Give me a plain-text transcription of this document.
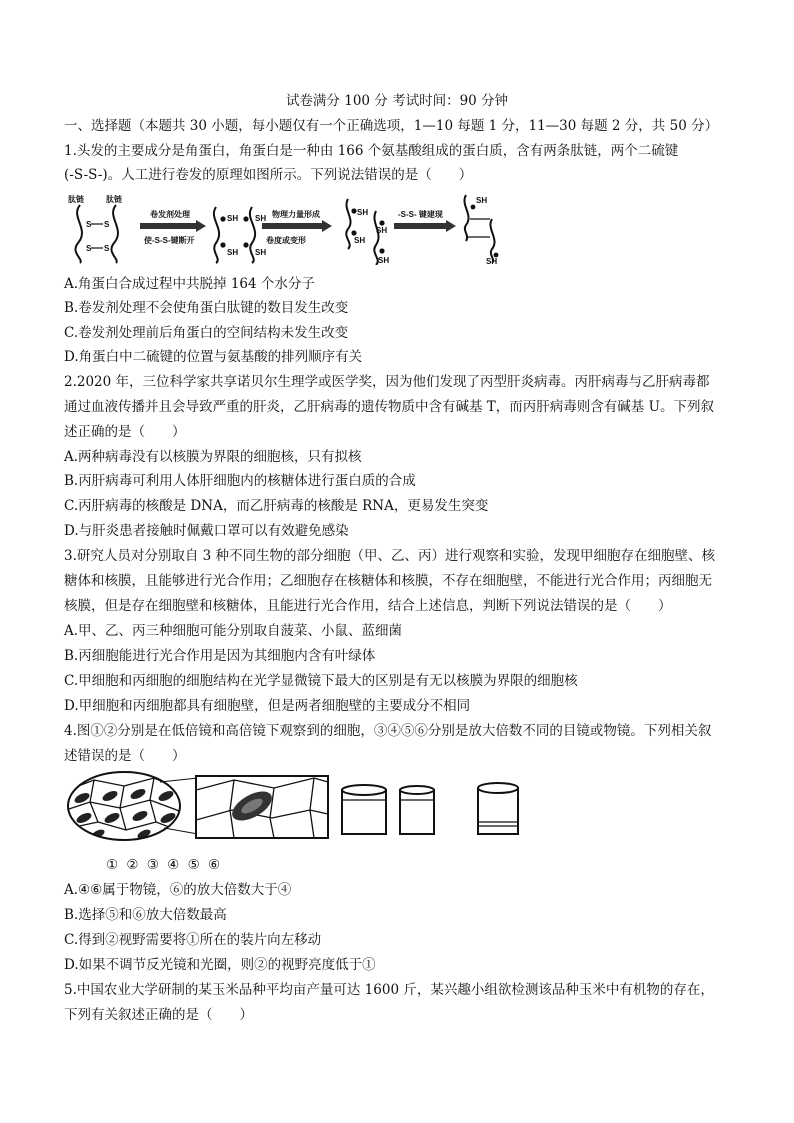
试卷满分 100 分 考试时间：90 分钟
一、选择题（本题共 30 小题，每小题仅有一个正确选项，1—10 每题 1 分，11—30 每题 2 分，共 50 分）
1.头发的主要成分是角蛋白，角蛋白是一种由 166 个氨基酸组成的蛋白质，含有两条肽链，两个二硫键
(-S-S-)。人工进行卷发的原理如图所示。下列说法错误的是（　　）
肽链	肽链
S S
S S
卷发剂处理
使-S-S-键断开
SH SH
SH SH
物理力量形成
卷度或变形
SH
SH
SH
SH
-S-S- 键建现
SH
SH
A.角蛋白合成过程中共脱掉 164 个水分子
B.卷发剂处理不会使角蛋白肽键的数目发生改变
C.卷发剂处理前后角蛋白的空间结构未发生改变
D.角蛋白中二硫键的位置与氨基酸的排列顺序有关
2.2020 年，三位科学家共享诺贝尔生理学或医学奖，因为他们发现了丙型肝炎病毒。丙肝病毒与乙肝病毒都
通过血液传播并且会导致严重的肝炎，乙肝病毒的遗传物质中含有碱基 T，而丙肝病毒则含有碱基 U。下列叙
述正确的是（　　）
A.两种病毒没有以核膜为界限的细胞核，只有拟核
B.丙肝病毒可利用人体肝细胞内的核糖体进行蛋白质的合成
C.丙肝病毒的核酸是 DNA，而乙肝病毒的核酸是 RNA，更易发生突变
D.与肝炎患者接触时佩戴口罩可以有效避免感染
3.研究人员对分别取自 3 种不同生物的部分细胞（甲、乙、丙）进行观察和实验，发现甲细胞存在细胞壁、核
糖体和核膜，且能够进行光合作用；乙细胞存在核糖体和核膜，不存在细胞壁，不能进行光合作用；丙细胞无
核膜，但是存在细胞壁和核糖体，且能进行光合作用，结合上述信息，判断下列说法错误的是（　　）
A.甲、乙、丙三种细胞可能分别取自菠菜、小鼠、蓝细菌
B.丙细胞能进行光合作用是因为其细胞内含有叶绿体
C.甲细胞和丙细胞的细胞结构在光学显微镜下最大的区别是有无以核膜为界限的细胞核
D.甲细胞和丙细胞都具有细胞壁，但是两者细胞壁的主要成分不相同
4.图①②分别是在低倍镜和高倍镜下观察到的细胞，③④⑤⑥分别是放大倍数不同的目镜或物镜。下列相关叙
述错误的是（　　）
① ② ③ ④ ⑤ ⑥
A.④⑥属于物镜，⑥的放大倍数大于④
B.选择⑤和⑥放大倍数最高
C.得到②视野需要将①所在的装片向左移动
D.如果不调节反光镜和光圈，则②的视野亮度低于①
5.中国农业大学研制的某玉米品种平均亩产量可达 1600 斤，某兴趣小组欲检测该品种玉米中有机物的存在，
下列有关叙述正确的是（　　）
